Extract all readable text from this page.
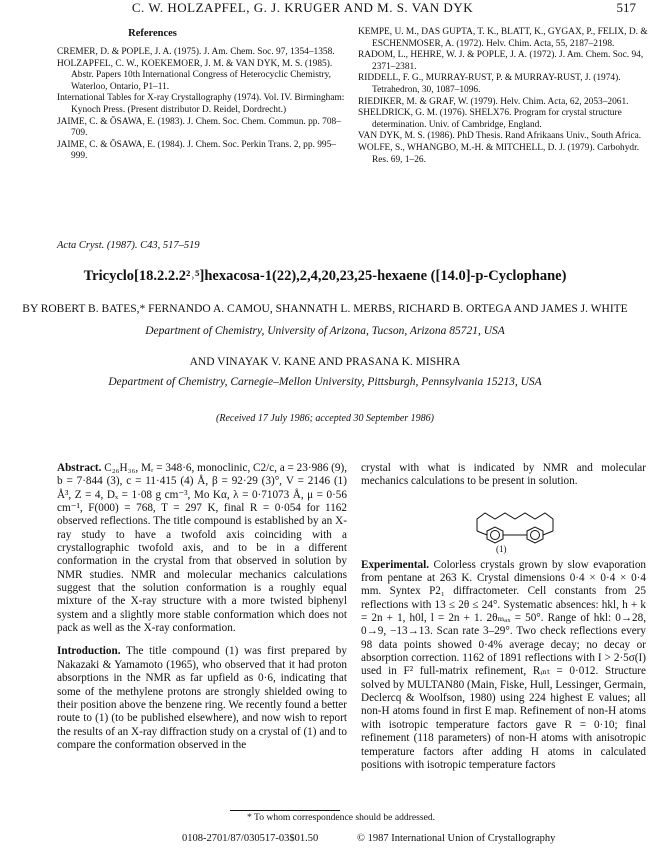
C. W. HOLZAPFEL, G. J. KRUGER AND M. S. VAN DYK	517
References
CREMER, D. & POPLE, J. A. (1975). J. Am. Chem. Soc. 97, 1354–1358.
HOLZAPFEL, C. W., KOEKEMOER, J. M. & VAN DYK, M. S. (1985). Abstr. Papers 10th International Congress of Heterocyclic Chemistry, Waterloo, Ontario, P1–11.
International Tables for X-ray Crystallography (1974). Vol. IV. Birmingham: Kynoch Press. (Present distributor D. Reidel, Dordrecht.)
JAIME, C. & ŌSAWA, E. (1983). J. Chem. Soc. Chem. Commun. pp. 708–709.
JAIME, C. & ŌSAWA, E. (1984). J. Chem. Soc. Perkin Trans. 2, pp. 995–999.
KEMPE, U. M., DAS GUPTA, T. K., BLATT, K., GYGAX, P., FELIX, D. & ESCHENMOSER, A. (1972). Helv. Chim. Acta, 55, 2187–2198.
RADOM, L., HEHRE, W. J. & POPLE, J. A. (1972). J. Am. Chem. Soc. 94, 2371–2381.
RIDDELL, F. G., MURRAY-RUST, P. & MURRAY-RUST, J. (1974). Tetrahedron, 30, 1087–1096.
RIEDIKER, M. & GRAF, W. (1979). Helv. Chim. Acta, 62, 2053–2061.
SHELDRICK, G. M. (1976). SHELX76. Program for crystal structure determination. Univ. of Cambridge, England.
VAN DYK, M. S. (1986). PhD Thesis. Rand Afrikaans Univ., South Africa.
WOLFE, S., WHANGBO, M.-H. & MITCHELL, D. J. (1979). Carbohydr. Res. 69, 1–26.
Acta Cryst. (1987). C43, 517–519
Tricyclo[18.2.2.2²˒⁵]hexacosa-1(22),2,4,20,23,25-hexaene ([14.0]-p-Cyclophane)
BY ROBERT B. BATES,* FERNANDO A. CAMOU, SHANNATH L. MERBS, RICHARD B. ORTEGA AND JAMES J. WHITE
Department of Chemistry, University of Arizona, Tucson, Arizona 85721, USA
AND VINAYAK V. KANE AND PRASANA K. MISHRA
Department of Chemistry, Carnegie–Mellon University, Pittsburgh, Pennsylvania 15213, USA
(Received 17 July 1986; accepted 30 September 1986)

Abstract. C₂₆H₃₆, Mᵣ = 348·6, monoclinic, C2/c, a = 23·986 (9), b = 7·844 (3), c = 11·415 (4) Å, β = 92·29 (3)°, V = 2146 (1) Å³, Z = 4, Dₓ = 1·08 g cm⁻³, Mo Kα, λ = 0·71073 Å, μ = 0·56 cm⁻¹, F(000) = 768, T = 297 K, final R = 0·054 for 1162 observed reflections. The title compound is established by an X-ray study to have a twofold axis coinciding with a crystallographic twofold axis, and to be in a different conformation in the crystal from that observed in solution by NMR studies. NMR and molecular mechanics calculations suggest that the solution conformation is a roughly equal mixture of the X-ray structure with a more twisted biphenyl system and a slightly more stable conformation which does not pack as well as the X-ray conformation.

Introduction. The title compound (1) was first prepared by Nakazaki & Yamamoto (1965), who observed that it had proton absorptions in the NMR as far upfield as 0·6, indicating that some of the methylene protons are strongly shielded owing to their position above the benzene ring. We recently found a better route to (1) (to be published elsewhere), and now wish to report the results of an X-ray diffraction study on a crystal of (1) and to compare the conformation observed in the

crystal with what is indicated by NMR and molecular mechanics calculations to be present in solution.

Experimental. Colorless crystals grown by slow evaporation from pentane at 263 K. Crystal dimensions 0·4 × 0·4 × 0·4 mm. Syntex P2₁ diffractometer. Cell constants from 25 reflections with 13 ≤ 2θ ≤ 24°. Systematic absences: hkl, h + k = 2n + 1, h0l, l = 2n + 1. 2θₘₐₓ = 50°. Range of hkl: 0→28, 0→9, −13→13. Scan rate 3–29°. Two check reflections every 98 data points showed 0·4% average decay; no decay or absorption correction. 1162 of 1891 reflections with I > 2·5σ(I) used in F² full-matrix refinement, Rᵢₙₜ = 0·012. Structure solved by MULTAN80 (Main, Fiske, Hull, Lessinger, Germain, Declercq & Woolfson, 1980) using 224 highest E values; all non-H atoms found in first E map. Refinement of non-H atoms with isotropic temperature factors gave R = 0·10; final refinement (118 parameters) of non-H atoms with anisotropic temperature factors after adding H atoms in calculated positions with isotropic temperature factors

(1)
* To whom correspondence should be addressed.
0108-2701/87/030517-03$01.50	© 1987 International Union of Crystallography
